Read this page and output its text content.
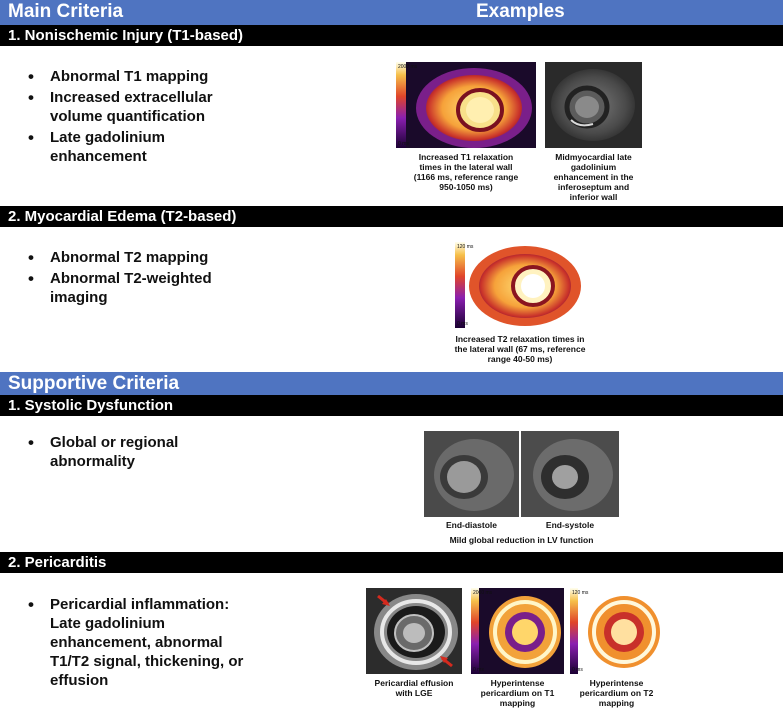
Main Criteria	Examples
1. Nonischemic Injury (T1-based)
• Abnormal T1 mapping
• Increased extracellular volume quantification
• Late gadolinium enhancement
2000 ms
0 ms
Increased T1 relaxation times in the lateral wall (1166 ms, reference range 950-1050 ms)
Midmyocardial late gadolinium enhancement in the inferoseptum and inferior wall
2. Myocardial Edema (T2-based)
• Abnormal T2 mapping
• Abnormal T2-weighted imaging
120 ms
0 ms
Increased T2 relaxation times in the lateral wall (67 ms, reference range 40-50 ms)
Supportive Criteria
1. Systolic Dysfunction
• Global or regional abnormality
End-diastole	End-systole
Mild global reduction in LV function
2. Pericarditis
• Pericardial inflammation: Late gadolinium enhancement, abnormal T1/T2 signal, thickening, or effusion
2000 ms
0 ms
120 ms
0 ms
Pericardial effusion with LGE
Hyperintense pericardium on T1 mapping
Hyperintense pericardium on T2 mapping
